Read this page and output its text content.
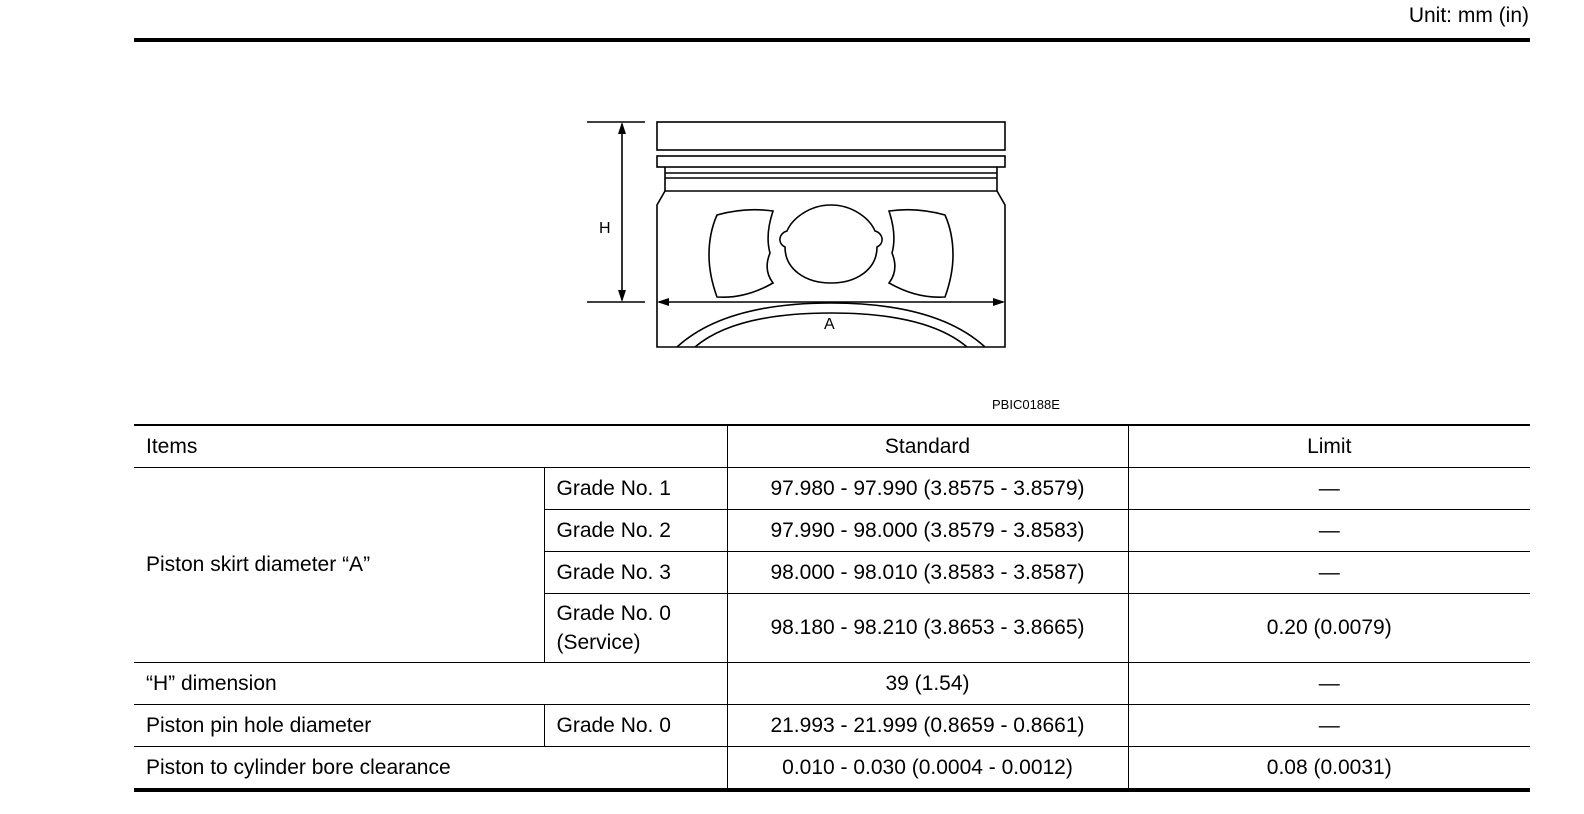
Unit: mm (in)
H
A
PBIC0188E
Items		Standard	Limit
Piston skirt diameter “A”	Grade No. 1	97.980 - 97.990 (3.8575 - 3.8579)	—
	Grade No. 2	97.990 - 98.000 (3.8579 - 3.8583)	—
	Grade No. 3	98.000 - 98.010 (3.8583 - 3.8587)	—
	Grade No. 0
(Service)	98.180 - 98.210 (3.8653 - 3.8665)	0.20 (0.0079)
“H” dimension		39 (1.54)	—
Piston pin hole diameter	Grade No. 0	21.993 - 21.999 (0.8659 - 0.8661)	—
Piston to cylinder bore clearance		0.010 - 0.030 (0.0004 - 0.0012)	0.08 (0.0031)
